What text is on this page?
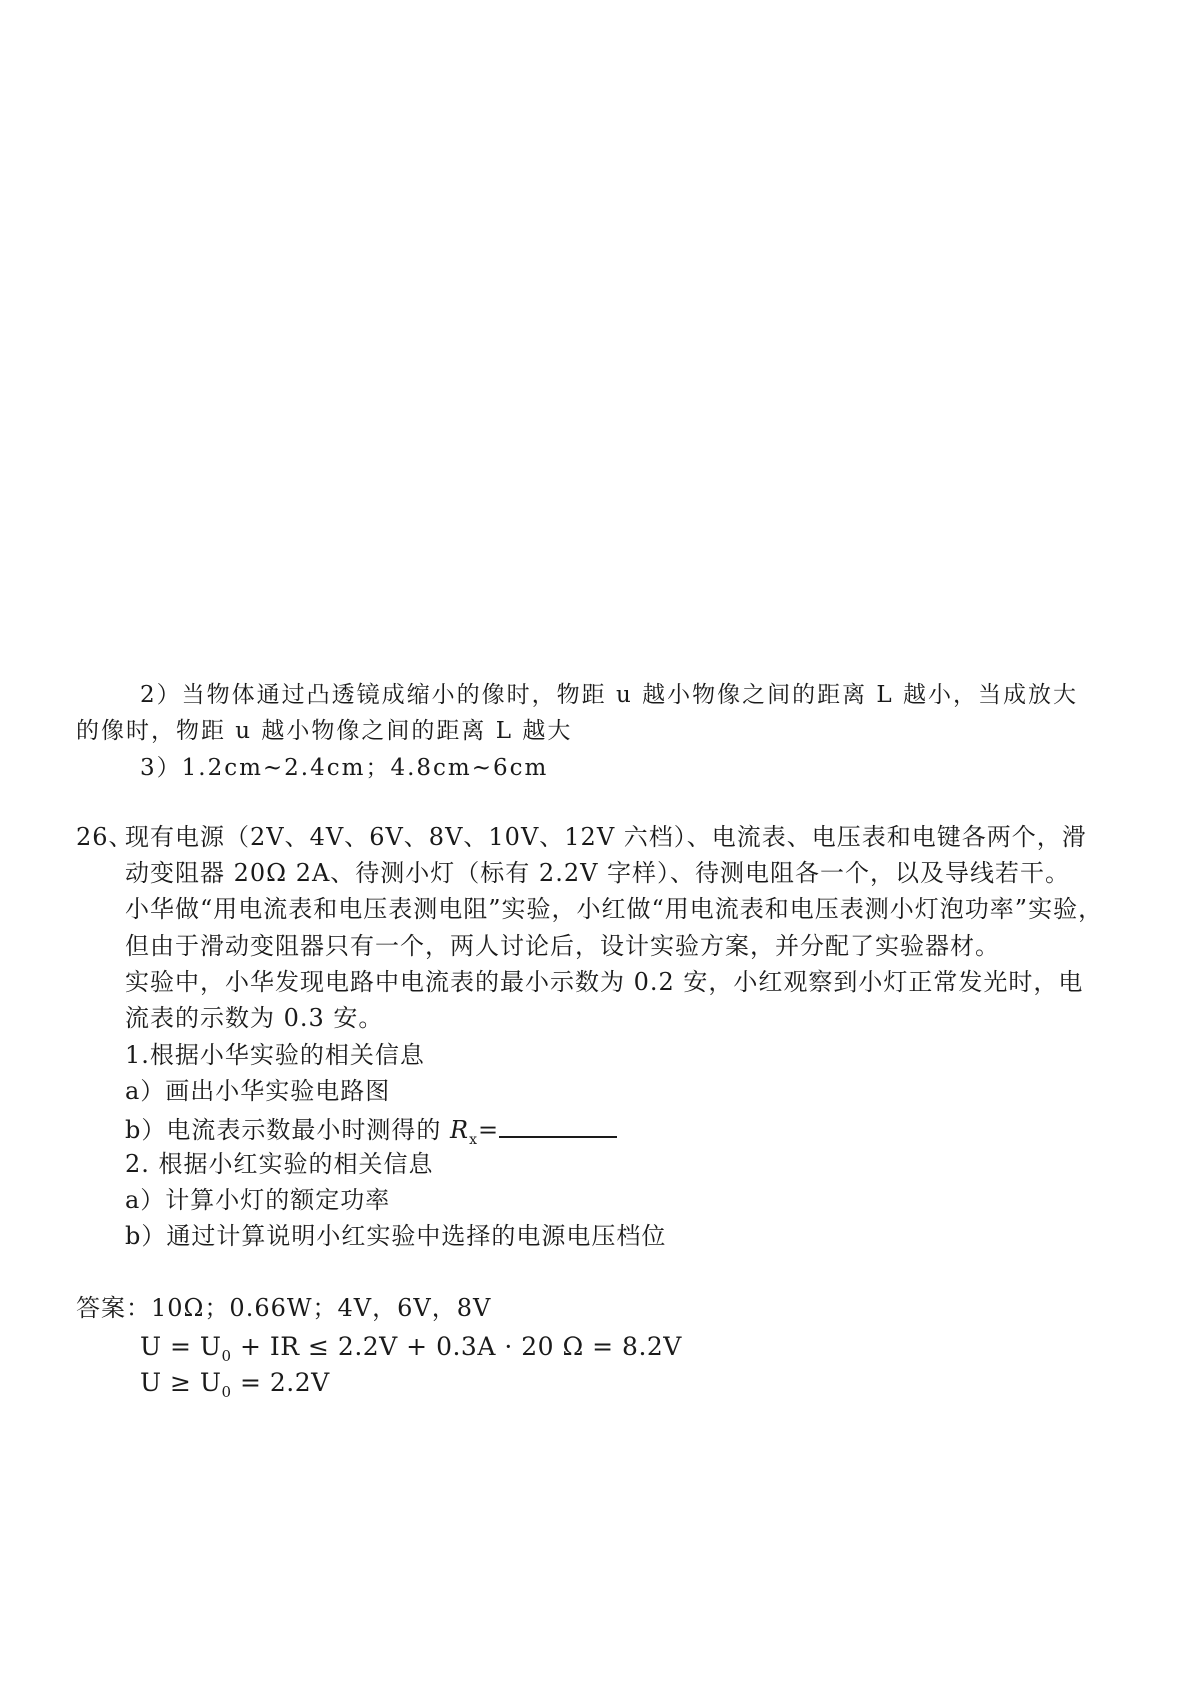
2）当物体通过凸透镜成缩小的像时，物距 u 越小物像之间的距离 L 越小，当成放大
的像时，物距 u 越小物像之间的距离 L 越大
3）1.2cm~2.4cm；4.8cm~6cm
26、
现有电源（2V、4V、6V、8V、10V、12V 六档）、电流表、电压表和电键各两个，滑
动变阻器 20Ω 2A、待测小灯（标有 2.2V 字样）、待测电阻各一个，以及导线若干。
小华做“用电流表和电压表测电阻”实验，小红做“用电流表和电压表测小灯泡功率”实验，
但由于滑动变阻器只有一个，两人讨论后，设计实验方案，并分配了实验器材。
实验中，小华发现电路中电流表的最小示数为 0.2 安，小红观察到小灯正常发光时，电
流表的示数为 0.3 安。
1.根据小华实验的相关信息
a）画出小华实验电路图
b）电流表示数最小时测得的 $R_x=$
2. 根据小红实验的相关信息
a）计算小灯的额定功率
b）通过计算说明小红实验中选择的电源电压档位
答案：10Ω；0.66W；4V，6V，8V
$U = U_0$ + IR ≤ 2.2V + 0.3A · 20 Ω = 8.2V
$U \ge U_0 = 2.2V$
